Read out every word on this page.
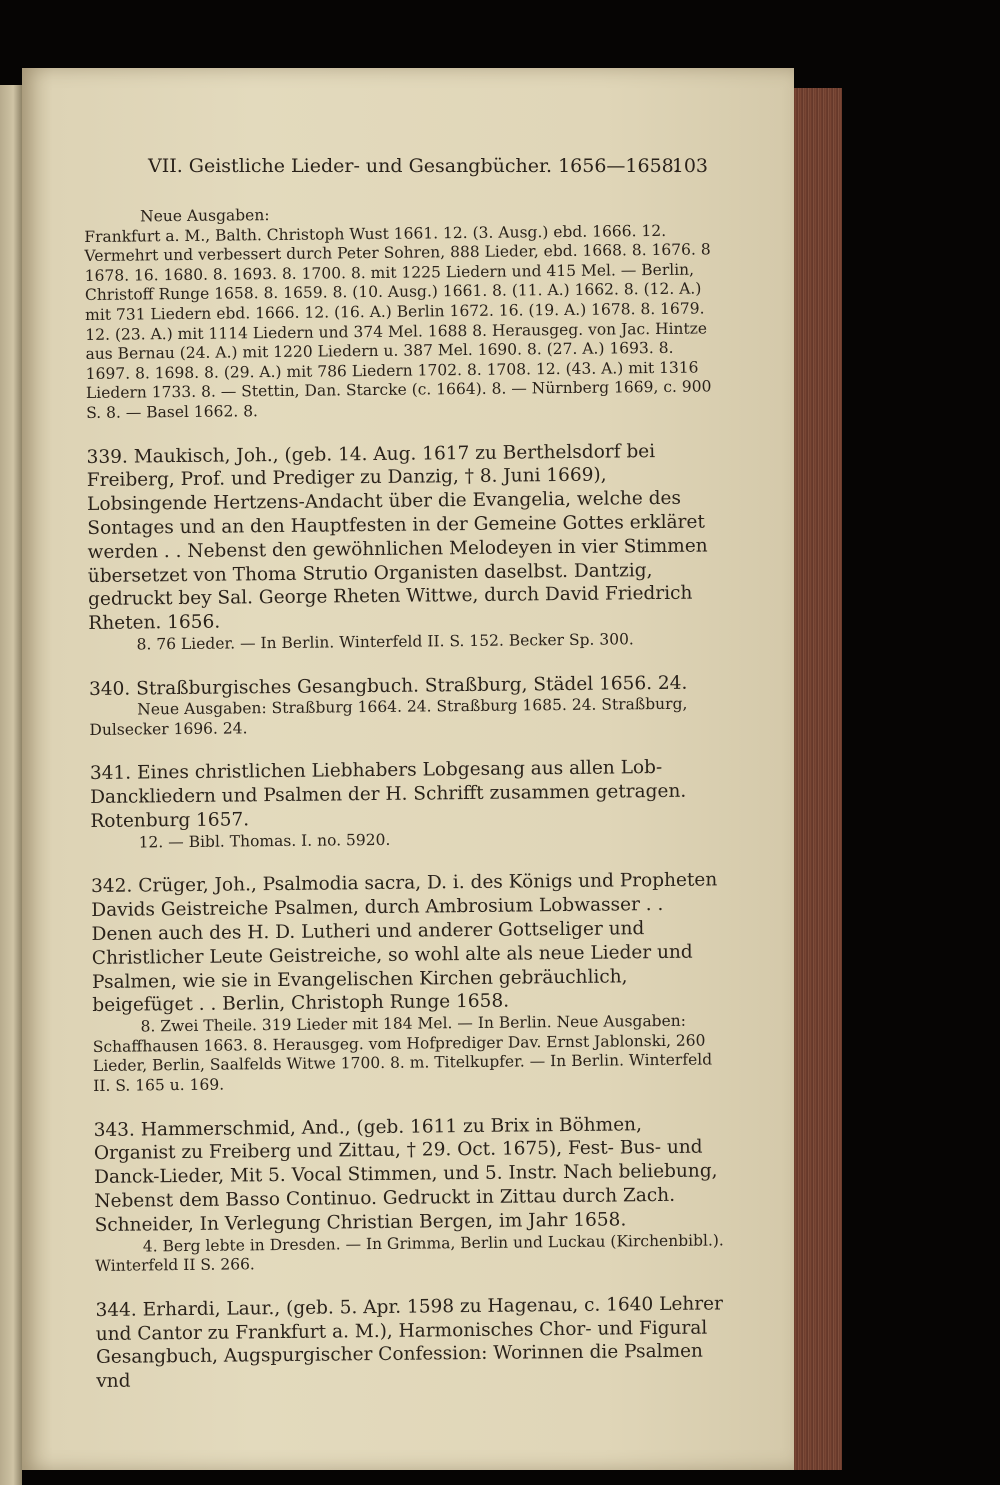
VII. Geistliche Lieder- und Gesangbücher. 1656—1658.
103

Neue Ausgaben:
Frankfurt a. M., Balth. Christoph Wust 1661. 12. (3. Ausg.) ebd. 1666. 12. Vermehrt und verbessert durch Peter Sohren, 888 Lieder, ebd. 1668. 8. 1676. 8 1678. 16. 1680. 8. 1693. 8. 1700. 8. mit 1225 Liedern und 415 Mel. — Berlin, Christoff Runge 1658. 8. 1659. 8. (10. Ausg.) 1661. 8. (11. A.) 1662. 8. (12. A.) mit 731 Liedern ebd. 1666. 12. (16. A.) Berlin 1672. 16. (19. A.) 1678. 8. 1679. 12. (23. A.) mit 1114 Liedern und 374 Mel. 1688 8. Herausgeg. von Jac. Hintze aus Bernau (24. A.) mit 1220 Liedern u. 387 Mel. 1690. 8. (27. A.) 1693. 8. 1697. 8. 1698. 8. (29. A.) mit 786 Liedern 1702. 8. 1708. 12. (43. A.) mit 1316 Liedern 1733. 8. — Stettin, Dan. Starcke (c. 1664). 8. — Nürnberg 1669, c. 900 S. 8. — Basel 1662. 8.

339. Maukisch, Joh., (geb. 14. Aug. 1617 zu Berthelsdorf bei Freiberg, Prof. und Prediger zu Danzig, † 8. Juni 1669), Lobsingende Hertzens-Andacht über die Evangelia, welche des Sontages und an den Hauptfesten in der Gemeine Gottes erkläret werden . . Nebenst den gewöhnlichen Melodeyen in vier Stimmen übersetzet von Thoma Strutio Organisten daselbst. Dantzig, gedruckt bey Sal. George Rheten Wittwe, durch David Friedrich Rheten. 1656.

8. 76 Lieder. — In Berlin. Winterfeld II. S. 152. Becker Sp. 300.

340. Straßburgisches Gesangbuch. Straßburg, Städel 1656. 24.

Neue Ausgaben: Straßburg 1664. 24. Straßburg 1685. 24. Straßburg, Dulsecker 1696. 24.

341. Eines christlichen Liebhabers Lobgesang aus allen Lob- Danckliedern und Psalmen der H. Schrifft zusammen getragen. Rotenburg 1657.

12. — Bibl. Thomas. I. no. 5920.

342. Crüger, Joh., Psalmodia sacra, D. i. des Königs und Propheten Davids Geistreiche Psalmen, durch Ambrosium Lobwasser . . Denen auch des H. D. Lutheri und anderer Gottseliger und Christlicher Leute Geistreiche, so wohl alte als neue Lieder und Psalmen, wie sie in Evangelischen Kirchen gebräuchlich, beigefüget . . Berlin, Christoph Runge 1658.

8. Zwei Theile. 319 Lieder mit 184 Mel. — In Berlin. Neue Ausgaben: Schaffhausen 1663. 8. Herausgeg. vom Hofprediger Dav. Ernst Jablonski, 260 Lieder, Berlin, Saalfelds Witwe 1700. 8. m. Titelkupfer. — In Berlin. Winterfeld II. S. 165 u. 169.

343. Hammerschmid, And., (geb. 1611 zu Brix in Böhmen, Organist zu Freiberg und Zittau, † 29. Oct. 1675), Fest- Bus- und Danck-Lieder, Mit 5. Vocal Stimmen, und 5. Instr. Nach beliebung, Nebenst dem Basso Continuo. Gedruckt in Zittau durch Zach. Schneider, In Verlegung Christian Bergen, im Jahr 1658.

4. Berg lebte in Dresden. — In Grimma, Berlin und Luckau (Kirchenbibl.). Winterfeld II S. 266.

344. Erhardi, Laur., (geb. 5. Apr. 1598 zu Hagenau, c. 1640 Lehrer und Cantor zu Frankfurt a. M.), Harmonisches Chor- und Figural Gesangbuch, Augspurgischer Confession: Worinnen die Psalmen vnd
